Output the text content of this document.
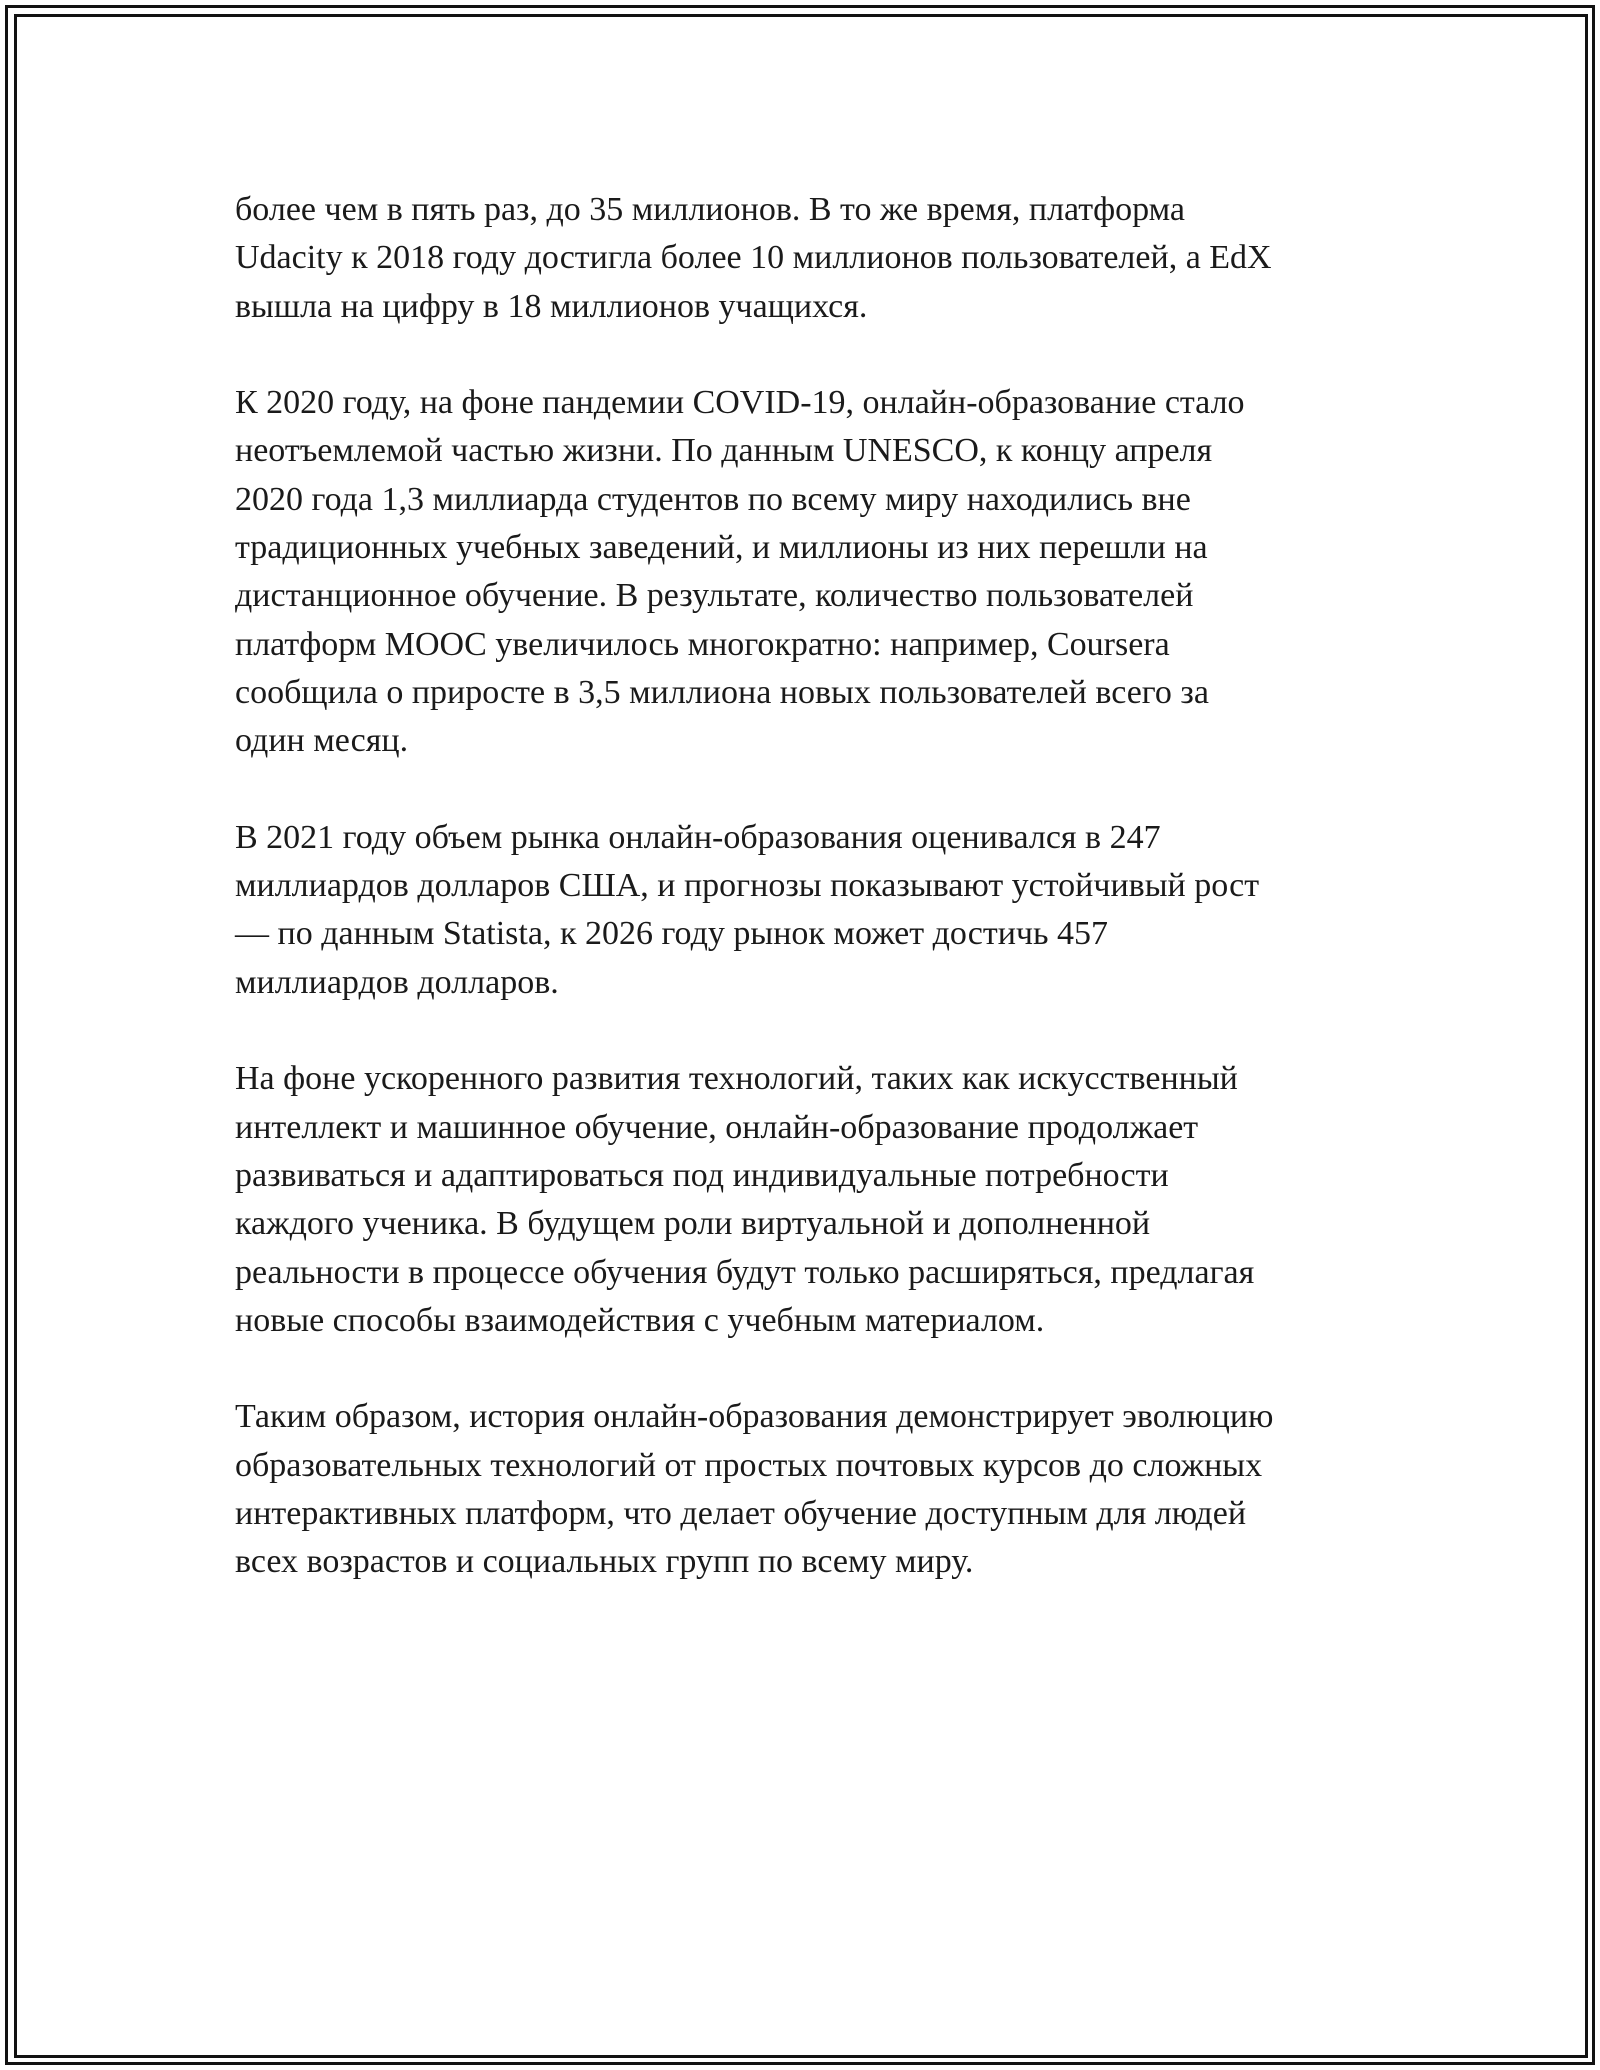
более чем в пять раз, до 35 миллионов. В то же время, платформа
Udacity к 2018 году достигла более 10 миллионов пользователей, а EdX
вышла на цифру в 18 миллионов учащихся.

К 2020 году, на фоне пандемии COVID-19, онлайн-образование стало
неотъемлемой частью жизни. По данным UNESCO, к концу апреля
2020 года 1,3 миллиарда студентов по всему миру находились вне
традиционных учебных заведений, и миллионы из них перешли на
дистанционное обучение. В результате, количество пользователей
платформ MOOC увеличилось многократно: например, Coursera
сообщила о приросте в 3,5 миллиона новых пользователей всего за
один месяц.

В 2021 году объем рынка онлайн-образования оценивался в 247
миллиардов долларов США, и прогнозы показывают устойчивый рост
— по данным Statista, к 2026 году рынок может достичь 457
миллиардов долларов.

На фоне ускоренного развития технологий, таких как искусственный
интеллект и машинное обучение, онлайн-образование продолжает
развиваться и адаптироваться под индивидуальные потребности
каждого ученика. В будущем роли виртуальной и дополненной
реальности в процессе обучения будут только расширяться, предлагая
новые способы взаимодействия с учебным материалом.

Таким образом, история онлайн-образования демонстрирует эволюцию
образовательных технологий от простых почтовых курсов до сложных
интерактивных платформ, что делает обучение доступным для людей
всех возрастов и социальных групп по всему миру.
